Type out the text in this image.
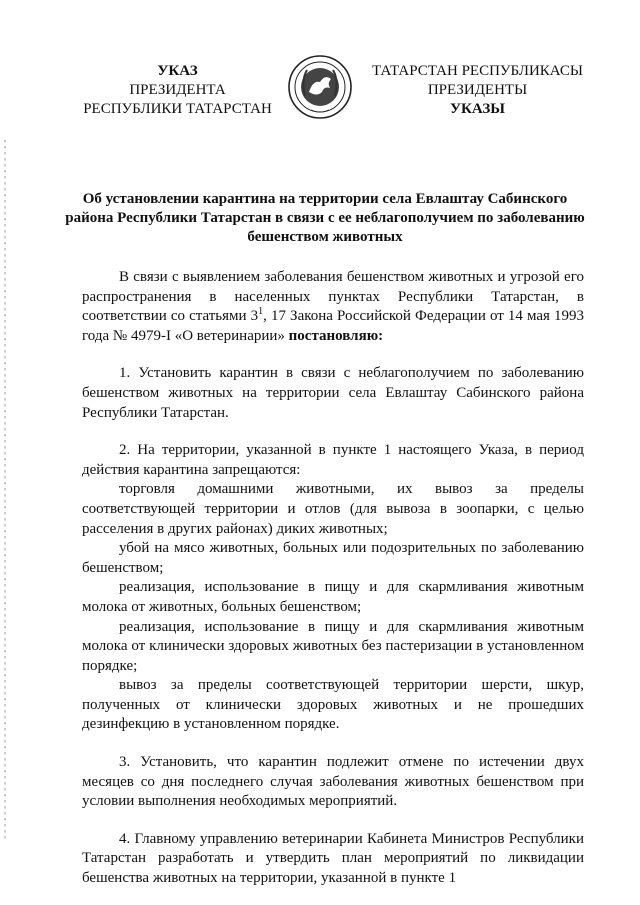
УКАЗ
ПРЕЗИДЕНТА
РЕСПУБЛИКИ ТАТАРСТАН
ТАТАРСТАН РЕСПУБЛИКАСЫ
ПРЕЗИДЕНТЫ
УКАЗЫ
Об установлении карантина на территории села Евлаштау Сабинского района Республики Татарстан в связи с ее неблагополучием по заболеванию бешенством животных

В связи с выявлением заболевания бешенством животных и угрозой его распространения в населенных пунктах Республики Татарстан, в соответствии со статьями $3^1$, 17 Закона Российской Федерации от 14 мая 1993 года № 4979-I «О ветеринарии» постановляю:

1. Установить карантин в связи с неблагополучием по заболеванию бешенством животных на территории села Евлаштау Сабинского района Республики Татарстан.

2. На территории, указанной в пункте 1 настоящего Указа, в период действия карантина запрещаются:

торговля домашними животными, их вывоз за пределы соответствующей территории и отлов (для вывоза в зоопарки, с целью расселения в других районах) диких животных;

убой на мясо животных, больных или подозрительных по заболеванию бешенством;

реализация, использование в пищу и для скармливания животным молока от животных, больных бешенством;

реализация, использование в пищу и для скармливания животным молока от клинически здоровых животных без пастеризации в установленном порядке;

вывоз за пределы соответствующей территории шерсти, шкур, полученных от клинически здоровых животных и не прошедших дезинфекцию в установленном порядке.

3. Установить, что карантин подлежит отмене по истечении двух месяцев со дня последнего случая заболевания животных бешенством при условии выполнения необходимых мероприятий.

4. Главному управлению ветеринарии Кабинета Министров Республики Татарстан разработать и утвердить план мероприятий по ликвидации бешенства животных на территории, указанной в пункте 1
